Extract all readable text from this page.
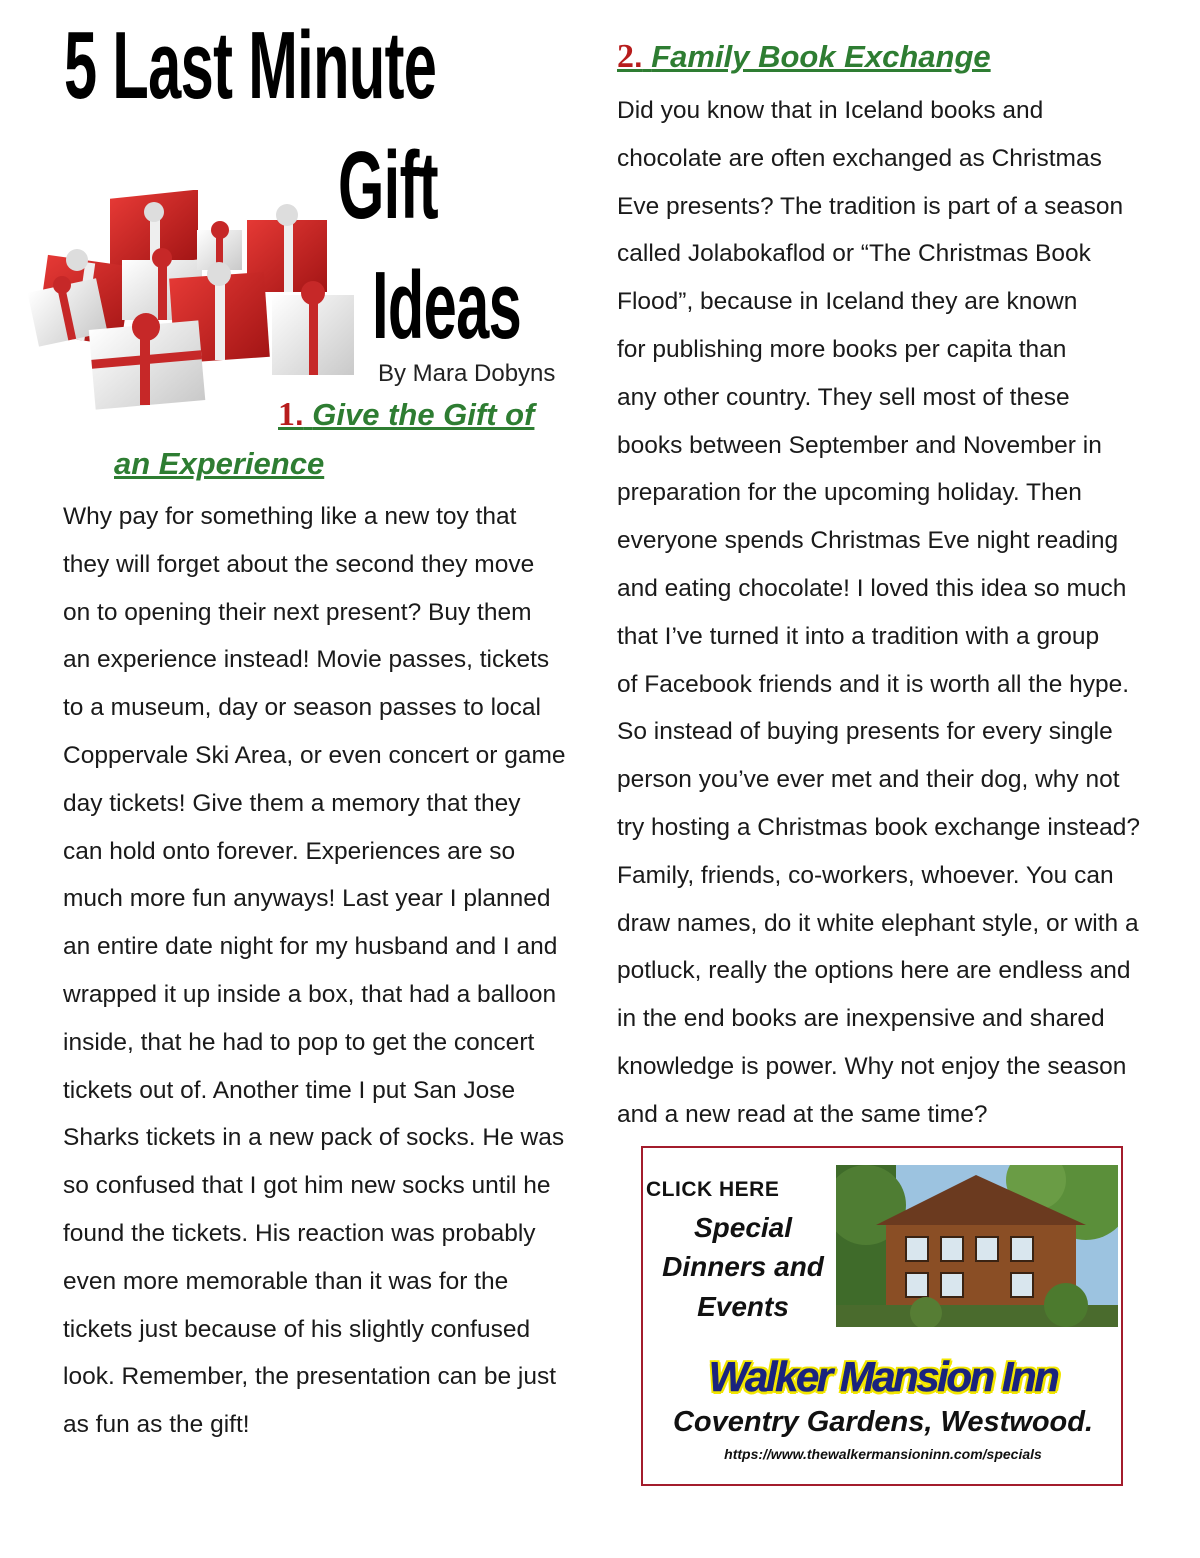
5 Last Minute
Gift
Ideas
By Mara Dobyns
1. Give the Gift of
an Experience
Why pay for something like a new toy that
they will forget about the second they move
on to opening their next present? Buy them
an experience instead! Movie passes, tickets
to a museum, day or season passes to local
Coppervale Ski Area, or even concert or game
day tickets! Give them a memory that they
can hold onto forever. Experiences are so
much more fun anyways! Last year I planned
an entire date night for my husband and I and
wrapped it up inside a box, that had a balloon
inside, that he had to pop to get the concert
tickets out of. Another time I put San Jose
Sharks tickets in a new pack of socks. He was
so confused that I got him new socks until he
found the tickets. His reaction was probably
even more memorable than it was for the
tickets just because of his slightly confused
look. Remember, the presentation can be just
as fun as the gift!
2. Family Book Exchange
Did you know that in Iceland books and
chocolate are often exchanged as Christmas
Eve presents? The tradition is part of a season
called Jolabokaflod or “The Christmas Book
Flood”, because in Iceland they are known
for publishing more books per capita than
any other country. They sell most of these
books between September and November in
preparation for the upcoming holiday. Then
everyone spends Christmas Eve night reading
and eating chocolate! I loved this idea so much
that I’ve turned it into a tradition with a group
of Facebook friends and it is worth all the hype.
So instead of buying presents for every single
person you’ve ever met and their dog, why not
try hosting a Christmas book exchange instead?
Family, friends, co-workers, whoever. You can
draw names, do it white elephant style, or with a
potluck, really the options here are endless and
in the end books are inexpensive and shared
knowledge is power. Why not enjoy the season
and a new read at the same time?
CLICK HERE
Special
Dinners and
Events
Walker Mansion Inn
Coventry Gardens, Westwood.
https://www.thewalkermansioninn.com/specials
